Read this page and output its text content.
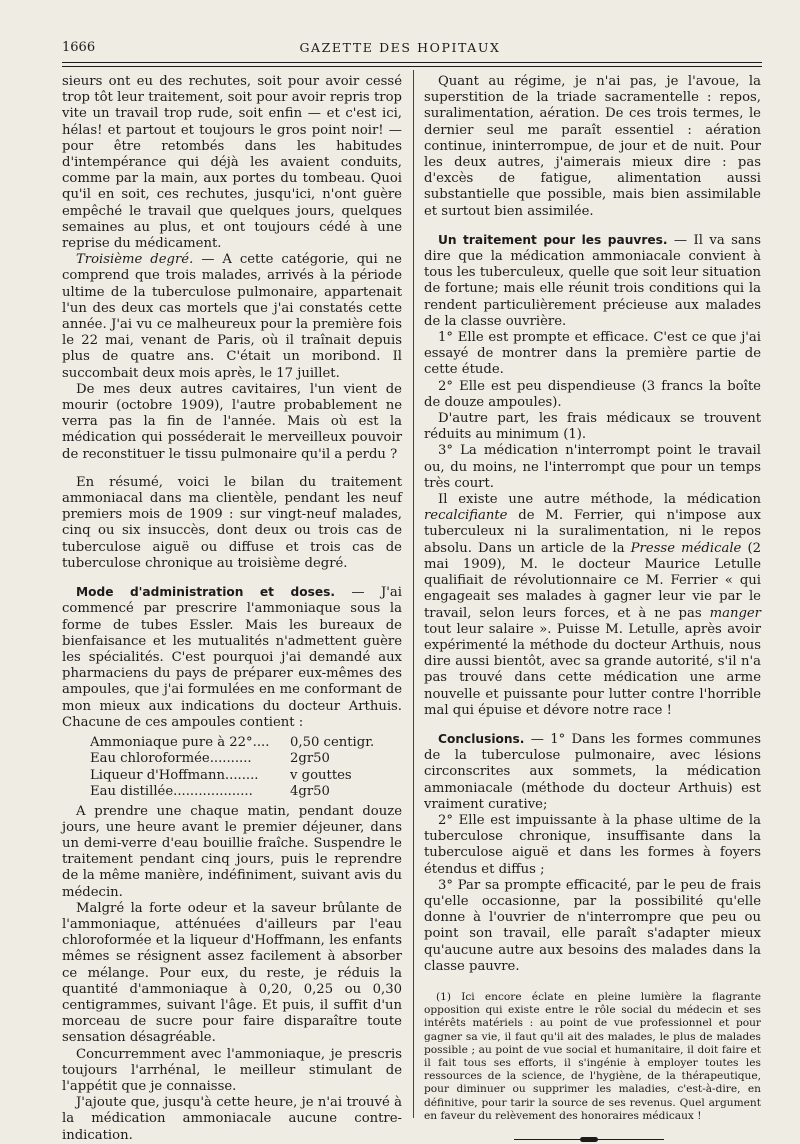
1666	GAZETTE DES HOPITAUX

sieurs ont eu des rechutes, soit pour avoir cessé trop tôt leur traitement, soit pour avoir repris trop vite un travail trop rude, soit enfin — et c'est ici, hélas! et partout et toujours le gros point noir! — pour être retombés dans les habitudes d'intempérance qui déjà les avaient conduits, comme par la main, aux portes du tombeau. Quoi qu'il en soit, ces rechutes, jusqu'ici, n'ont guère empêché le travail que quelques jours, quelques semaines au plus, et ont toujours cédé à une reprise du médicament.

Troisième degré. — A cette catégorie, qui ne comprend que trois malades, arrivés à la période ultime de la tuberculose pulmonaire, appartenait l'un des deux cas mortels que j'ai constatés cette année. J'ai vu ce malheureux pour la première fois le 22 mai, venant de Paris, où il traînait depuis plus de quatre ans. C'était un moribond. Il succombait deux mois après, le 17 juillet.

De mes deux autres cavitaires, l'un vient de mourir (octobre 1909), l'autre probablement ne verra pas la fin de l'année. Mais où est la médication qui posséderait le merveilleux pouvoir de reconstituer le tissu pulmonaire qu'il a perdu ?

En résumé, voici le bilan du traitement ammoniacal dans ma clientèle, pendant les neuf premiers mois de 1909 : sur vingt-neuf malades, cinq ou six insuccès, dont deux ou trois cas de tuberculose aiguë ou diffuse et trois cas de tuberculose chronique au troisième degré.

Mode d'administration et doses. — J'ai commencé par prescrire l'ammoniaque sous la forme de tubes Essler. Mais les bureaux de bienfaisance et les mutualités n'admettent guère les spécialités. C'est pourquoi j'ai demandé aux pharmaciens du pays de préparer eux-mêmes des ampoules, que j'ai formulées en me conformant de mon mieux aux indications du docteur Arthuis. Chacune de ces ampoules contient :

Ammoniaque pure à 22°....	0,50 centigr.
Eau chloroformée..........	2gr50
Liqueur d'Hoffmann........	v gouttes
Eau distillée...................	4gr50

A prendre une chaque matin, pendant douze jours, une heure avant le premier déjeuner, dans un demi-verre d'eau bouillie fraîche. Suspendre le traitement pendant cinq jours, puis le reprendre de la même manière, indéfiniment, suivant avis du médecin.

Malgré la forte odeur et la saveur brûlante de l'ammoniaque, atténuées d'ailleurs par l'eau chloroformée et la liqueur d'Hoffmann, les enfants mêmes se résignent assez facilement à absorber ce mélange. Pour eux, du reste, je réduis la quantité d'ammoniaque à 0,20, 0,25 ou 0,30 centigrammes, suivant l'âge. Et puis, il suffit d'un morceau de sucre pour faire disparaître toute sensation désagréable.

Concurremment avec l'ammoniaque, je prescris toujours l'arrhénal, le meilleur stimulant de l'appétit que je connaisse.

J'ajoute que, jusqu'à cette heure, je n'ai trouvé à la médication ammoniacale aucune contre-indication.

Quant au régime, je n'ai pas, je l'avoue, la superstition de la triade sacramentelle : repos, suralimentation, aération. De ces trois termes, le dernier seul me paraît essentiel : aération continue, ininterrompue, de jour et de nuit. Pour les deux autres, j'aimerais mieux dire : pas d'excès de fatigue, alimentation aussi substantielle que possible, mais bien assimilable et surtout bien assimilée.

Un traitement pour les pauvres. — Il va sans dire que la médication ammoniacale convient à tous les tuberculeux, quelle que soit leur situation de fortune; mais elle réunit trois conditions qui la rendent particulièrement précieuse aux malades de la classe ouvrière.

1° Elle est prompte et efficace. C'est ce que j'ai essayé de montrer dans la première partie de cette étude.

2° Elle est peu dispendieuse (3 francs la boîte de douze ampoules).

D'autre part, les frais médicaux se trouvent réduits au minimum (1).

3° La médication n'interrompt point le travail ou, du moins, ne l'interrompt que pour un temps très court.

Il existe une autre méthode, la médication recalcifiante de M. Ferrier, qui n'impose aux tuberculeux ni la suralimentation, ni le repos absolu. Dans un article de la Presse médicale (2 mai 1909), M. le docteur Maurice Letulle qualifiait de révolutionnaire ce M. Ferrier « qui engageait ses malades à gagner leur vie par le travail, selon leurs forces, et à ne pas manger tout leur salaire ». Puisse M. Letulle, après avoir expérimenté la méthode du docteur Arthuis, nous dire aussi bientôt, avec sa grande autorité, s'il n'a pas trouvé dans cette médication une arme nouvelle et puissante pour lutter contre l'horrible mal qui épuise et dévore notre race !

Conclusions. — 1° Dans les formes communes de la tuberculose pulmonaire, avec lésions circonscrites aux sommets, la médication ammoniacale (méthode du docteur Arthuis) est vraiment curative;

2° Elle est impuissante à la phase ultime de la tuberculose chronique, insuffisante dans la tuberculose aiguë et dans les formes à foyers étendus et diffus ;

3° Par sa prompte efficacité, par le peu de frais qu'elle occasionne, par la possibilité qu'elle donne à l'ouvrier de n'interrompre que peu ou point son travail, elle paraît s'adapter mieux qu'aucune autre aux besoins des malades dans la classe pauvre.

(1) Ici encore éclate en pleine lumière la flagrante opposition qui existe entre le rôle social du médecin et ses intérêts matériels : au point de vue professionnel et pour gagner sa vie, il faut qu'il ait des malades, le plus de malades possible ; au point de vue social et humanitaire, il doit faire et il fait tous ses efforts, il s'ingénie à employer toutes les ressources de la science, de l'hygiène, de la thérapeutique, pour diminuer ou supprimer les maladies, c'est-à-dire, en définitive, pour tarir la source de ses revenus. Quel argument en faveur du relèvement des honoraires médicaux !
